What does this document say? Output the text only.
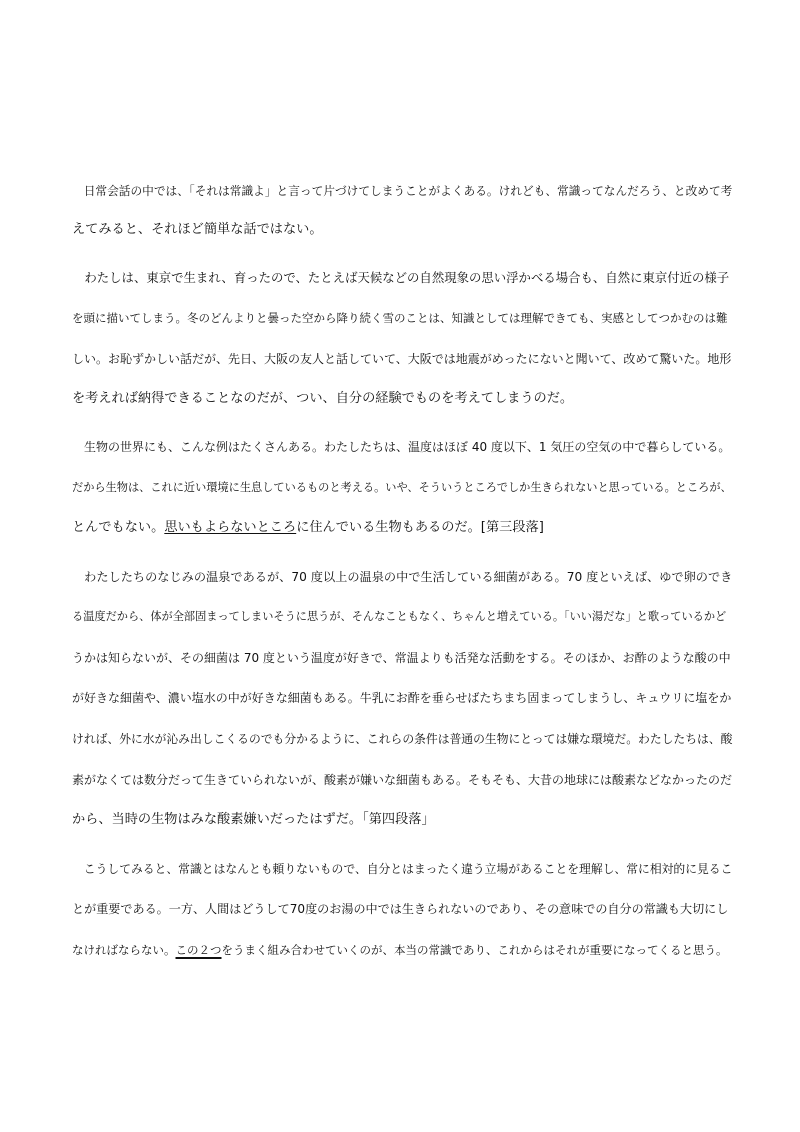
　日常会話の中では、「それは常識よ」と言って片づけてしまうことがよくある。けれども、常識ってなんだろう、と改めて考
えてみると、それほど簡単な話ではない。
　わたしは、東京で生まれ、育ったので、たとえば天候などの自然現象の思い浮かべる場合も、自然に東京付近の様子
を頭に描いてしまう。冬のどんよりと曇った空から降り続く雪のことは、知識としては理解できても、実感としてつかむのは難
しい。お恥ずかしい話だが、先日、大阪の友人と話していて、大阪では地震がめったにないと聞いて、改めて驚いた。地形
を考えれば納得できることなのだが、つい、自分の経験でものを考えてしまうのだ。
　生物の世界にも、こんな例はたくさんある。わたしたちは、温度はほぼ 40 度以下、1 気圧の空気の中で暮らしている。
だから生物は、これに近い環境に生息しているものと考える。いや、そういうところでしか生きられないと思っている。ところが、
とんでもない。思いもよらないところに住んでいる生物もあるのだ。[第三段落]
　わたしたちのなじみの温泉であるが、70 度以上の温泉の中で生活している細菌がある。70 度といえば、ゆで卵のでき
る温度だから、体が全部固まってしまいそうに思うが、そんなこともなく、ちゃんと増えている。「いい湯だな」と歌っているかど
うかは知らないが、その細菌は 70 度という温度が好きで、常温よりも活発な活動をする。そのほか、お酢のような酸の中
が好きな細菌や、濃い塩水の中が好きな細菌もある。牛乳にお酢を垂らせばたちまち固まってしまうし、キュウリに塩をか
ければ、外に水が沁み出しこくるのでも分かるように、これらの条件は普通の生物にとっては嫌な環境だ。わたしたちは、酸
素がなくては数分だって生きていられないが、酸素が嫌いな細菌もある。そもそも、大昔の地球には酸素などなかったのだ
から、当時の生物はみな酸素嫌いだったはずだ。「第四段落」
　こうしてみると、常識とはなんとも頼りないもので、自分とはまったく違う立場があることを理解し、常に相対的に見るこ
とが重要である。一方、人間はどうして70度のお湯の中では生きられないのであり、その意味での自分の常識も大切にし
なければならない。この２つをうまく組み合わせていくのが、本当の常識であり、これからはそれが重要になってくると思う。
